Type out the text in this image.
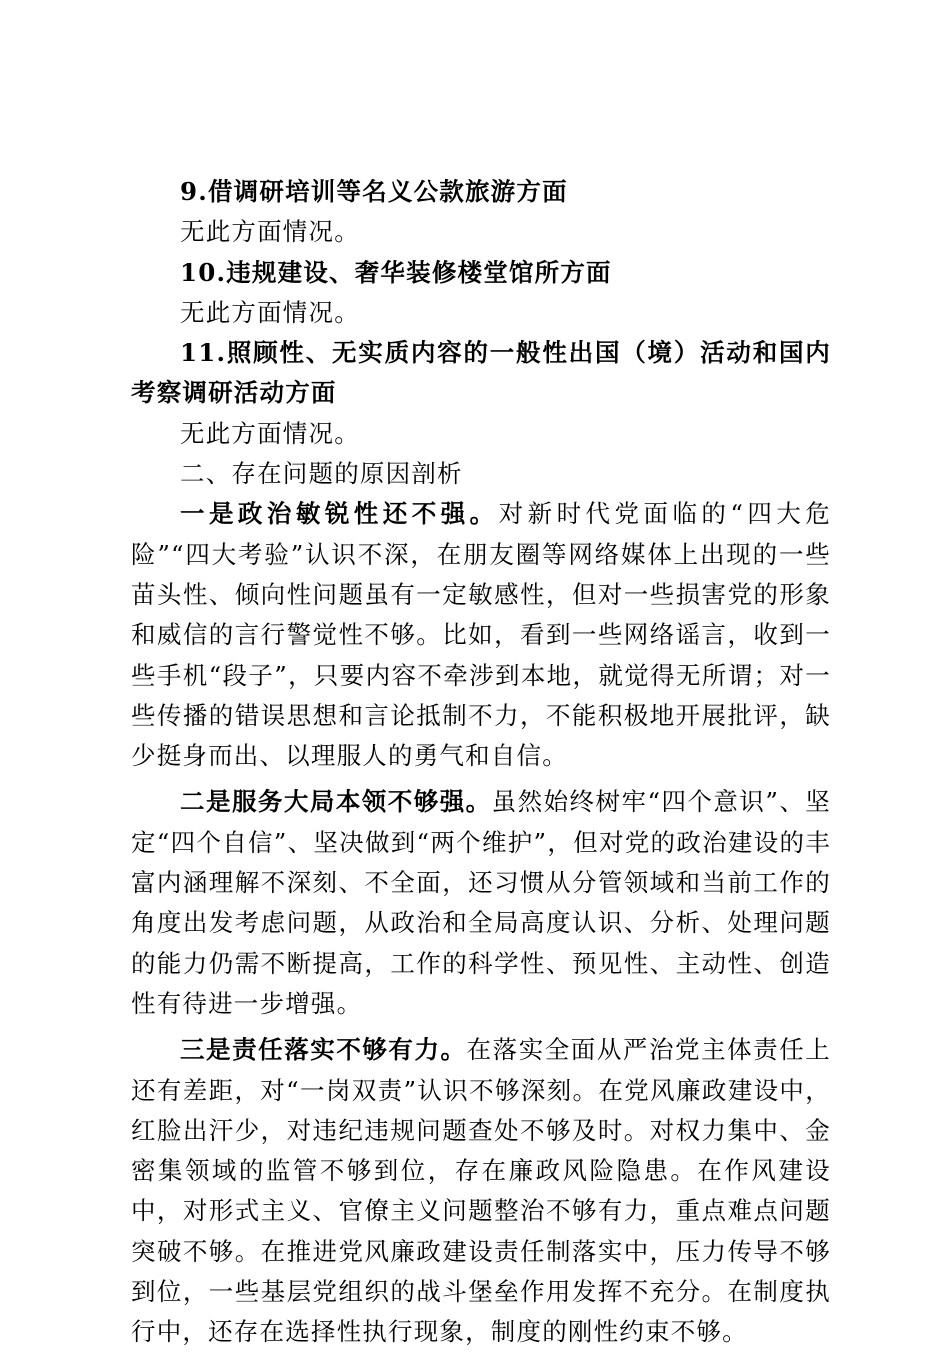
9.借调研培训等名义公款旅游方面

无此方面情况。

10.违规建设、奢华装修楼堂馆所方面

无此方面情况。

11.照顾性、无实质内容的一般性出国（境）活动和国内考察调研活动方面

无此方面情况。

二、存在问题的原因剖析

一是政治敏锐性还不强。对新时代党面临的“四大危险”“四大考验”认识不深，在朋友圈等网络媒体上出现的一些苗头性、倾向性问题虽有一定敏感性，但对一些损害党的形象和威信的言行警觉性不够。比如，看到一些网络谣言，收到一些手机“段子”，只要内容不牵涉到本地，就觉得无所谓；对一些传播的错误思想和言论抵制不力，不能积极地开展批评，缺少挺身而出、以理服人的勇气和自信。

二是服务大局本领不够强。虽然始终树牢“四个意识”、坚定“四个自信”、坚决做到“两个维护”，但对党的政治建设的丰富内涵理解不深刻、不全面，还习惯从分管领域和当前工作的角度出发考虑问题，从政治和全局高度认识、分析、处理问题的能力仍需不断提高，工作的科学性、预见性、主动性、创造性有待进一步增强。

三是责任落实不够有力。在落实全面从严治党主体责任上还有差距，对“一岗双责”认识不够深刻。在党风廉政建设中，红脸出汗少，对违纪违规问题查处不够及时。对权力集中、金密集领域的监管不够到位，存在廉政风险隐患。在作风建设中，对形式主义、官僚主义问题整治不够有力，重点难点问题突破不够。在推进党风廉政建设责任制落实中，压力传导不够到位，一些基层党组织的战斗堡垒作用发挥不充分。在制度执行中，还存在选择性执行现象，制度的刚性约束不够。
